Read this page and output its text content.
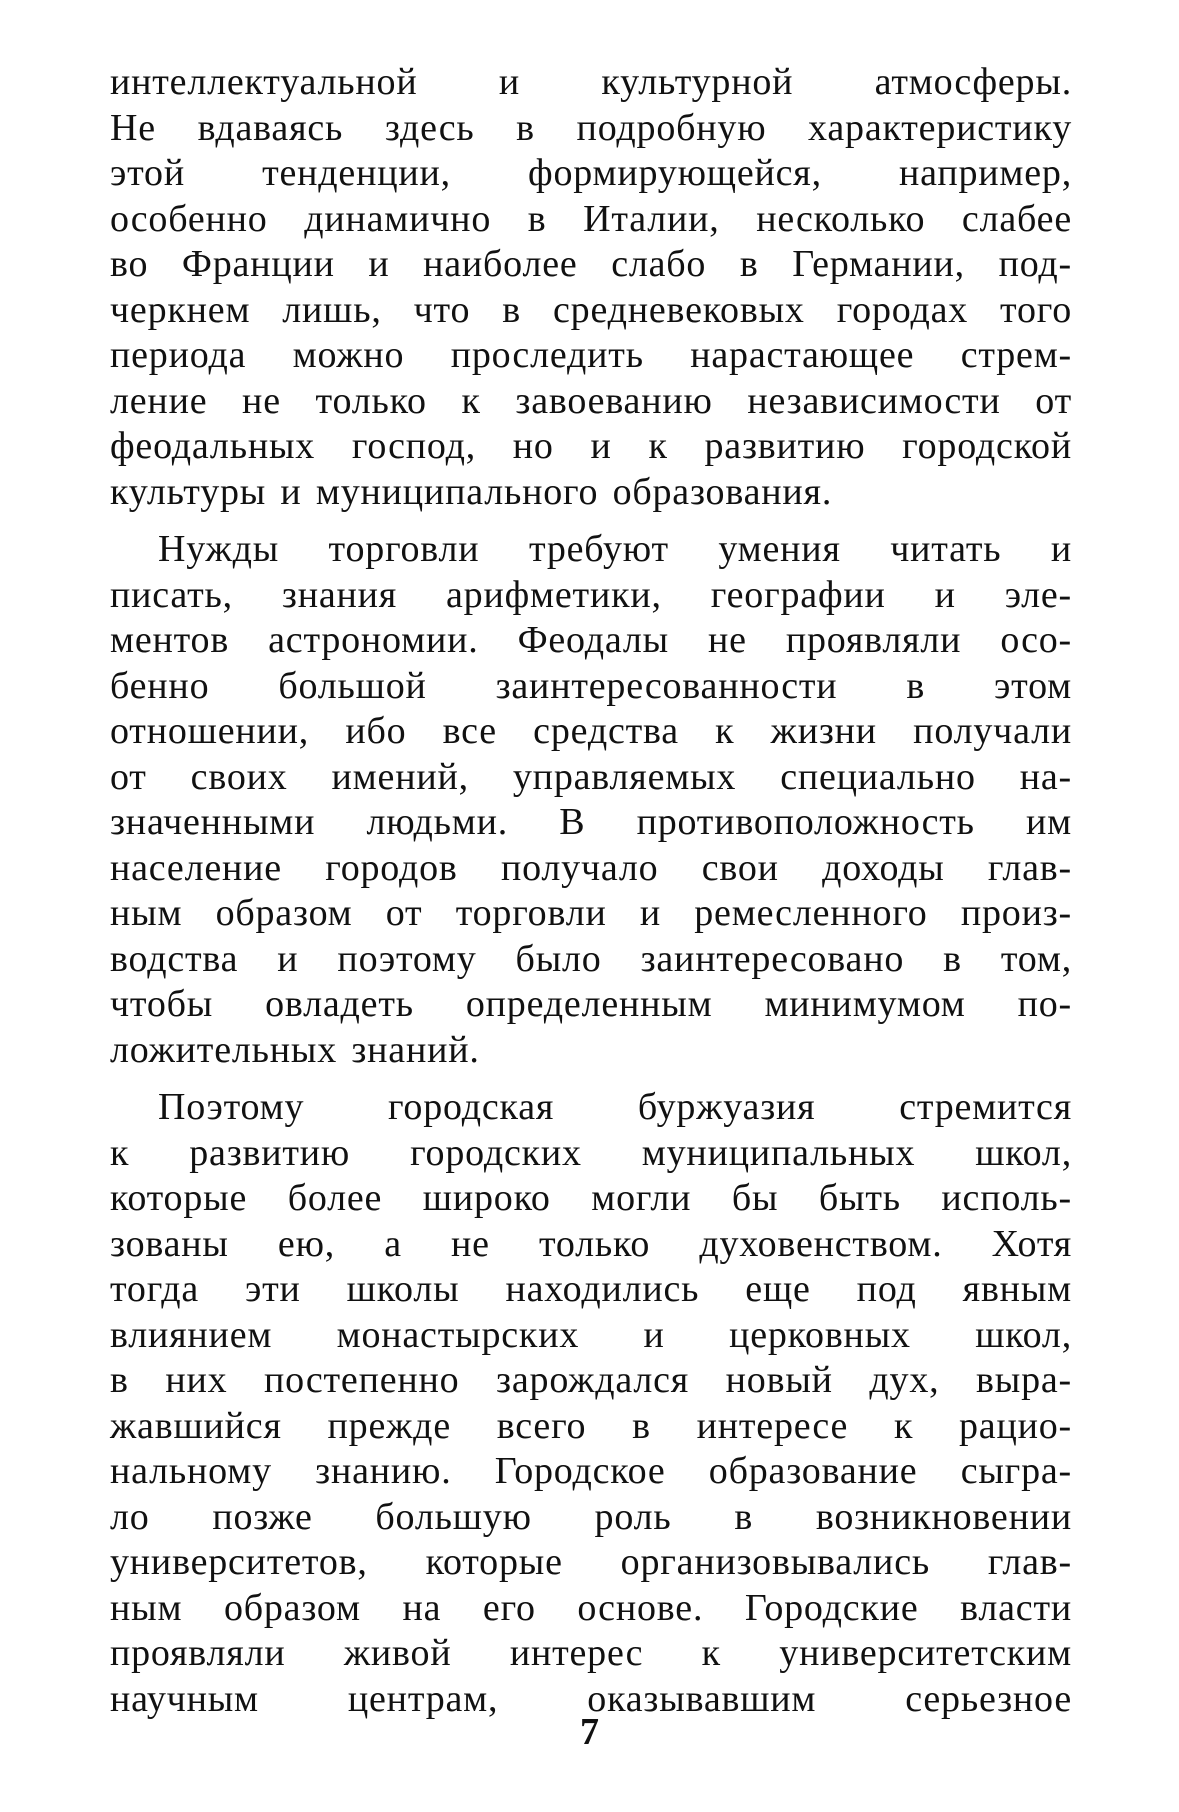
интеллектуальной и культурной атмосферы.
Не вдаваясь здесь в подробную характеристику
этой тенденции, формирующейся, например,
особенно динамично в Италии, несколько слабее
во Франции и наиболее слабо в Германии, под-
черкнем лишь, что в средневековых городах того
периода можно проследить нарастающее стрем-
ление не только к завоеванию независимости от
феодальных господ, но и к развитию городской
культуры и муниципального образования.

Нужды торговли требуют умения читать и
писать, знания арифметики, географии и эле-
ментов астрономии. Феодалы не проявляли осо-
бенно большой заинтересованности в этом
отношении, ибо все средства к жизни получали
от своих имений, управляемых специально на-
значенными людьми. В противоположность им
население городов получало свои доходы глав-
ным образом от торговли и ремесленного произ-
водства и поэтому было заинтересовано в том,
чтобы овладеть определенным минимумом по-
ложительных знаний.

Поэтому городская буржуазия стремится
к развитию городских муниципальных школ,
которые более широко могли бы быть исполь-
зованы ею, а не только духовенством. Хотя
тогда эти школы находились еще под явным
влиянием монастырских и церковных школ,
в них постепенно зарождался новый дух, выра-
жавшийся прежде всего в интересе к рацио-
нальному знанию. Городское образование сыгра-
ло позже большую роль в возникновении
университетов, которые организовывались глав-
ным образом на его основе. Городские власти
проявляли живой интерес к университетским
научным центрам, оказывавшим серьезное

7
